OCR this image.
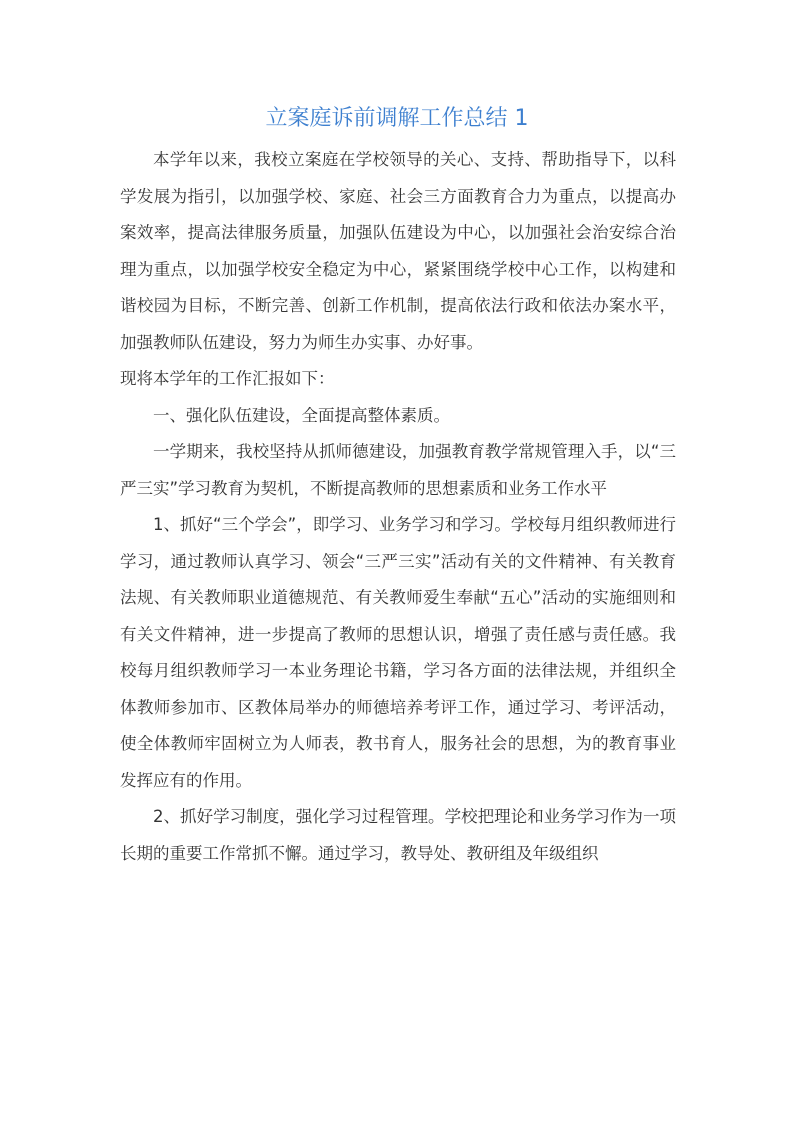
立案庭诉前调解工作总结 1

本学年以来，我校立案庭在学校领导的关心、支持、帮助指导下，以科学发展为指引，以加强学校、家庭、社会三方面教育合力为重点，以提高办案效率，提高法律服务质量，加强队伍建设为中心，以加强社会治安综合治理为重点，以加强学校安全稳定为中心，紧紧围绕学校中心工作，以构建和谐校园为目标，不断完善、创新工作机制，提高依法行政和依法办案水平，加强教师队伍建设，努力为师生办实事、办好事。

现将本学年的工作汇报如下：

一、强化队伍建设，全面提高整体素质。

一学期来，我校坚持从抓师德建设，加强教育教学常规管理入手，以“三严三实”学习教育为契机，不断提高教师的思想素质和业务工作水平

1、抓好“三个学会”，即学习、业务学习和学习。学校每月组织教师进行学习，通过教师认真学习、领会“三严三实”活动有关的文件精神、有关教育法规、有关教师职业道德规范、有关教师爱生奉献“五心”活动的实施细则和有关文件精神，进一步提高了教师的思想认识，增强了责任感与责任感。我校每月组织教师学习一本业务理论书籍，学习各方面的法律法规，并组织全体教师参加市、区教体局举办的师德培养考评工作，通过学习、考评活动，使全体教师牢固树立为人师表，教书育人，服务社会的思想，为的教育事业发挥应有的作用。

2、抓好学习制度，强化学习过程管理。学校把理论和业务学习作为一项长期的重要工作常抓不懈。通过学习，教导处、教研组及年级组织
